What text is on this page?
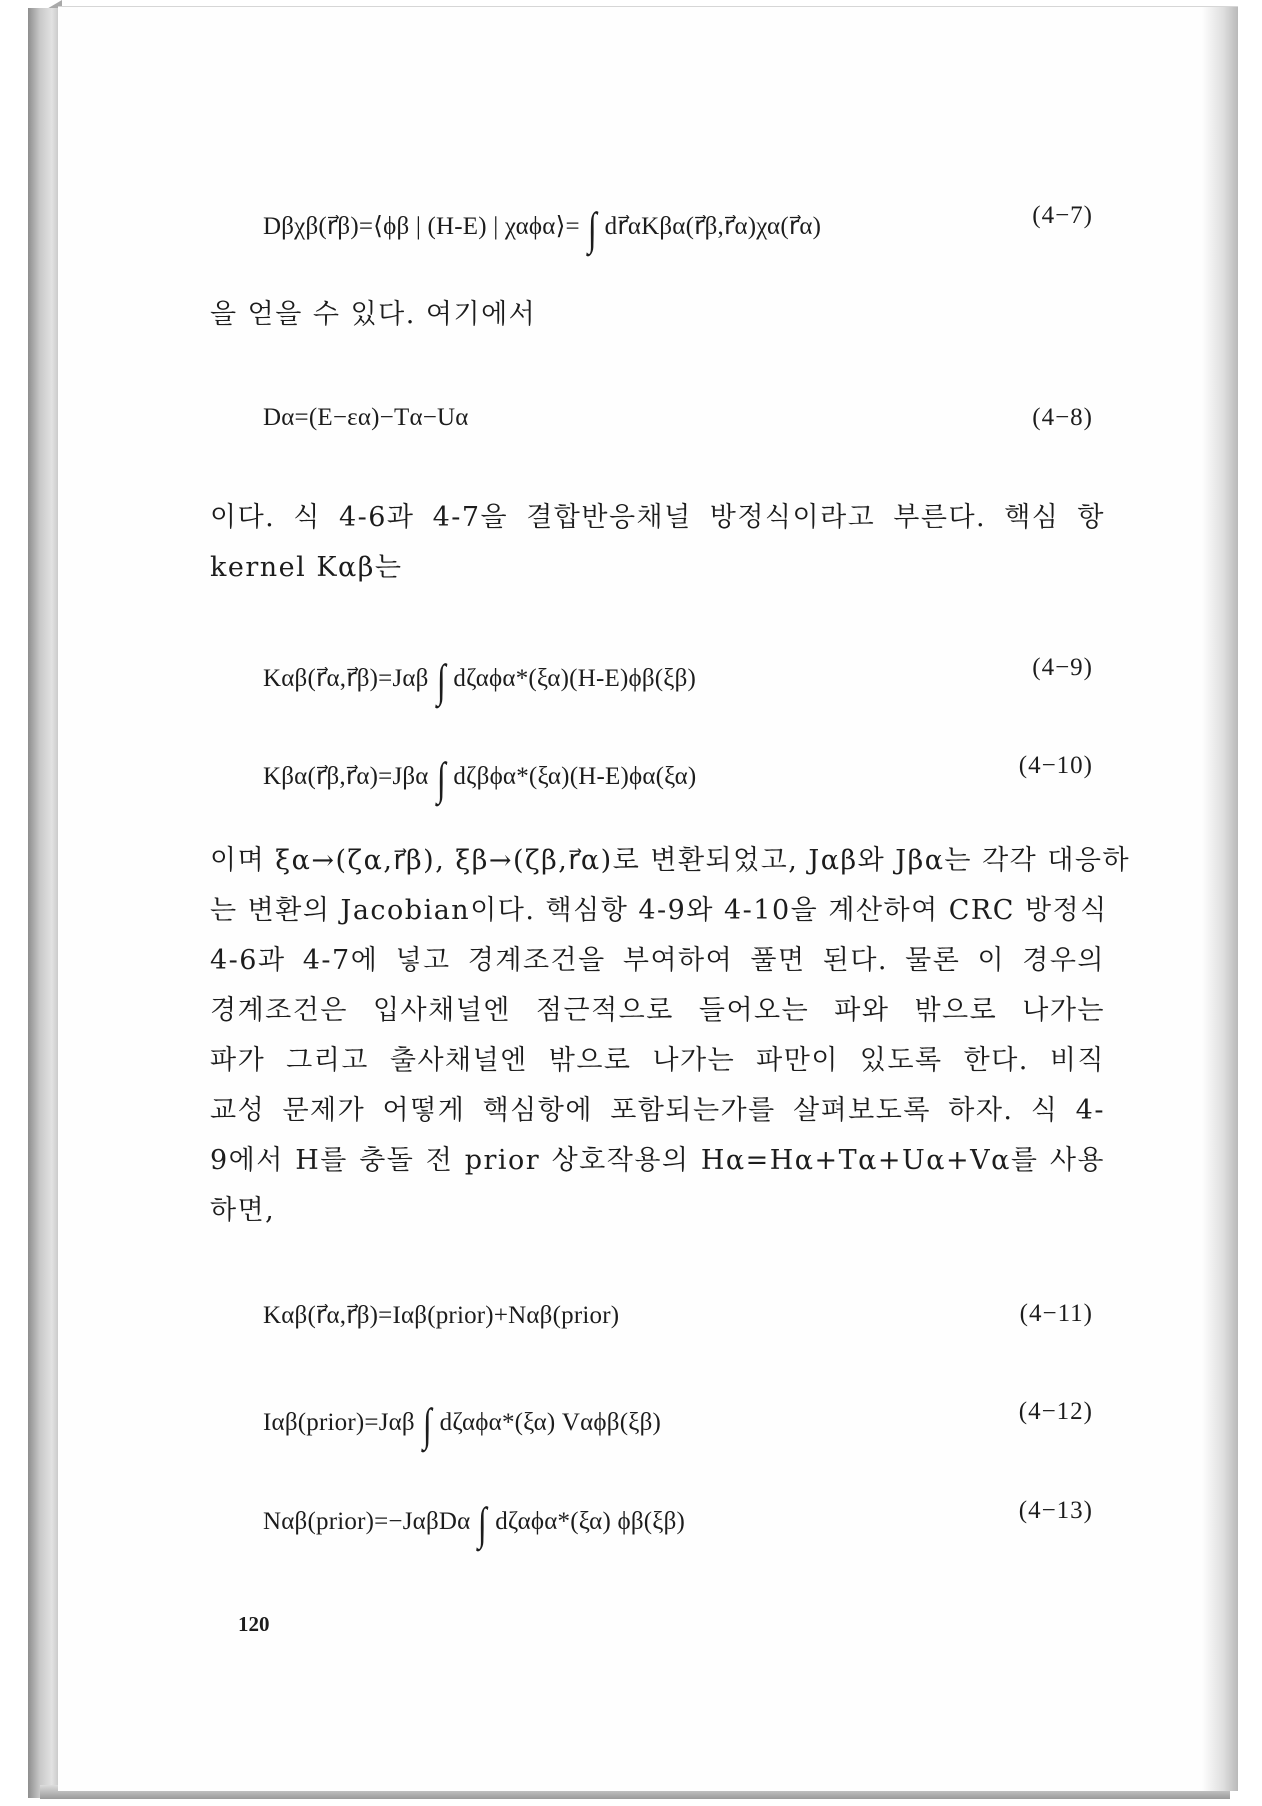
Dβχβ(r⃗β)=⟨ϕβ | (H-E) | χαϕα⟩= ∫ dr⃗αKβα(r⃗β,r⃗α)χα(r⃗α)	(4−7)
을 얻을 수 있다. 여기에서
Dα=(E−εα)−Tα−Uα	(4−8)
이다. 식 4-6과 4-7을 결합반응채널 방정식이라고 부른다. 핵심 항
kernel Kαβ는
Kαβ(r⃗α,r⃗β)=Jαβ ∫ dζαϕα*(ξα)(H-E)ϕβ(ξβ)	(4−9)
Kβα(r⃗β,r⃗α)=Jβα ∫ dζβϕα*(ξα)(H-E)ϕα(ξα)	(4−10)
이며 ξα→(ζα,r⃗β), ξβ→(ζβ,r⃗α)로 변환되었고, Jαβ와 Jβα는 각각 대응하
는 변환의 Jacobian이다. 핵심항 4-9와 4-10을 계산하여 CRC 방정식
4-6과 4-7에 넣고 경계조건을 부여하여 풀면 된다. 물론 이 경우의
경계조건은 입사채널엔 점근적으로 들어오는 파와 밖으로 나가는
파가 그리고 출사채널엔 밖으로 나가는 파만이 있도록 한다. 비직
교성 문제가 어떻게 핵심항에 포함되는가를 살펴보도록 하자. 식 4-
9에서 H를 충돌 전 prior 상호작용의 Hα=Hα+Tα+Uα+Vα를 사용
하면,
Kαβ(r⃗α,r⃗β)=Iαβ(prior)+Nαβ(prior)	(4−11)
Iαβ(prior)=Jαβ ∫ dζαϕα*(ξα) Vαϕβ(ξβ)	(4−12)
Nαβ(prior)=−JαβDα ∫ dζαϕα*(ξα) ϕβ(ξβ)	(4−13)
120
